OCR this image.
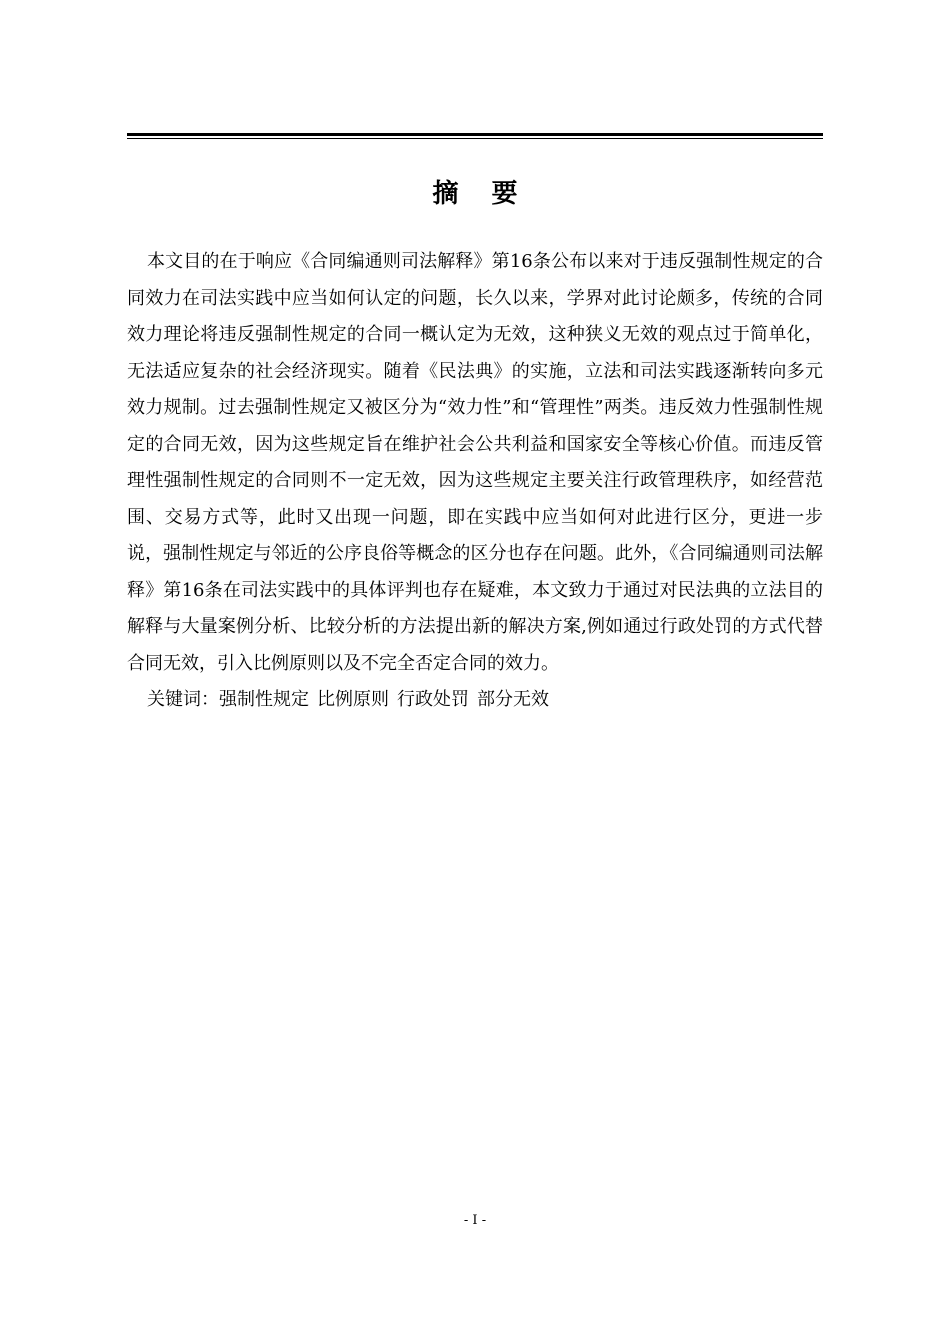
摘 要

本文目的在于响应《合同编通则司法解释》第16条公布以来对于违反强制性规定的合同效力在司法实践中应当如何认定的问题，长久以来，学界对此讨论颇多，传统的合同效力理论将违反强制性规定的合同一概认定为无效，这种狭义无效的观点过于简单化，无法适应复杂的社会经济现实。随着《民法典》的实施，立法和司法实践逐渐转向多元效力规制。过去强制性规定又被区分为“效力性”和“管理性”两类。违反效力性强制性规定的合同无效，因为这些规定旨在维护社会公共利益和国家安全等核心价值。而违反管理性强制性规定的合同则不一定无效，因为这些规定主要关注行政管理秩序，如经营范围、交易方式等，此时又出现一问题，即在实践中应当如何对此进行区分，更进一步说，强制性规定与邻近的公序良俗等概念的区分也存在问题。此外，《合同编通则司法解释》第16条在司法实践中的具体评判也存在疑难，本文致力于通过对民法典的立法目的解释与大量案例分析、比较分析的方法提出新的解决方案,例如通过行政处罚的方式代替合同无效，引入比例原则以及不完全否定合同的效力。

关键词：强制性规定 比例原则 行政处罚 部分无效

- I -
